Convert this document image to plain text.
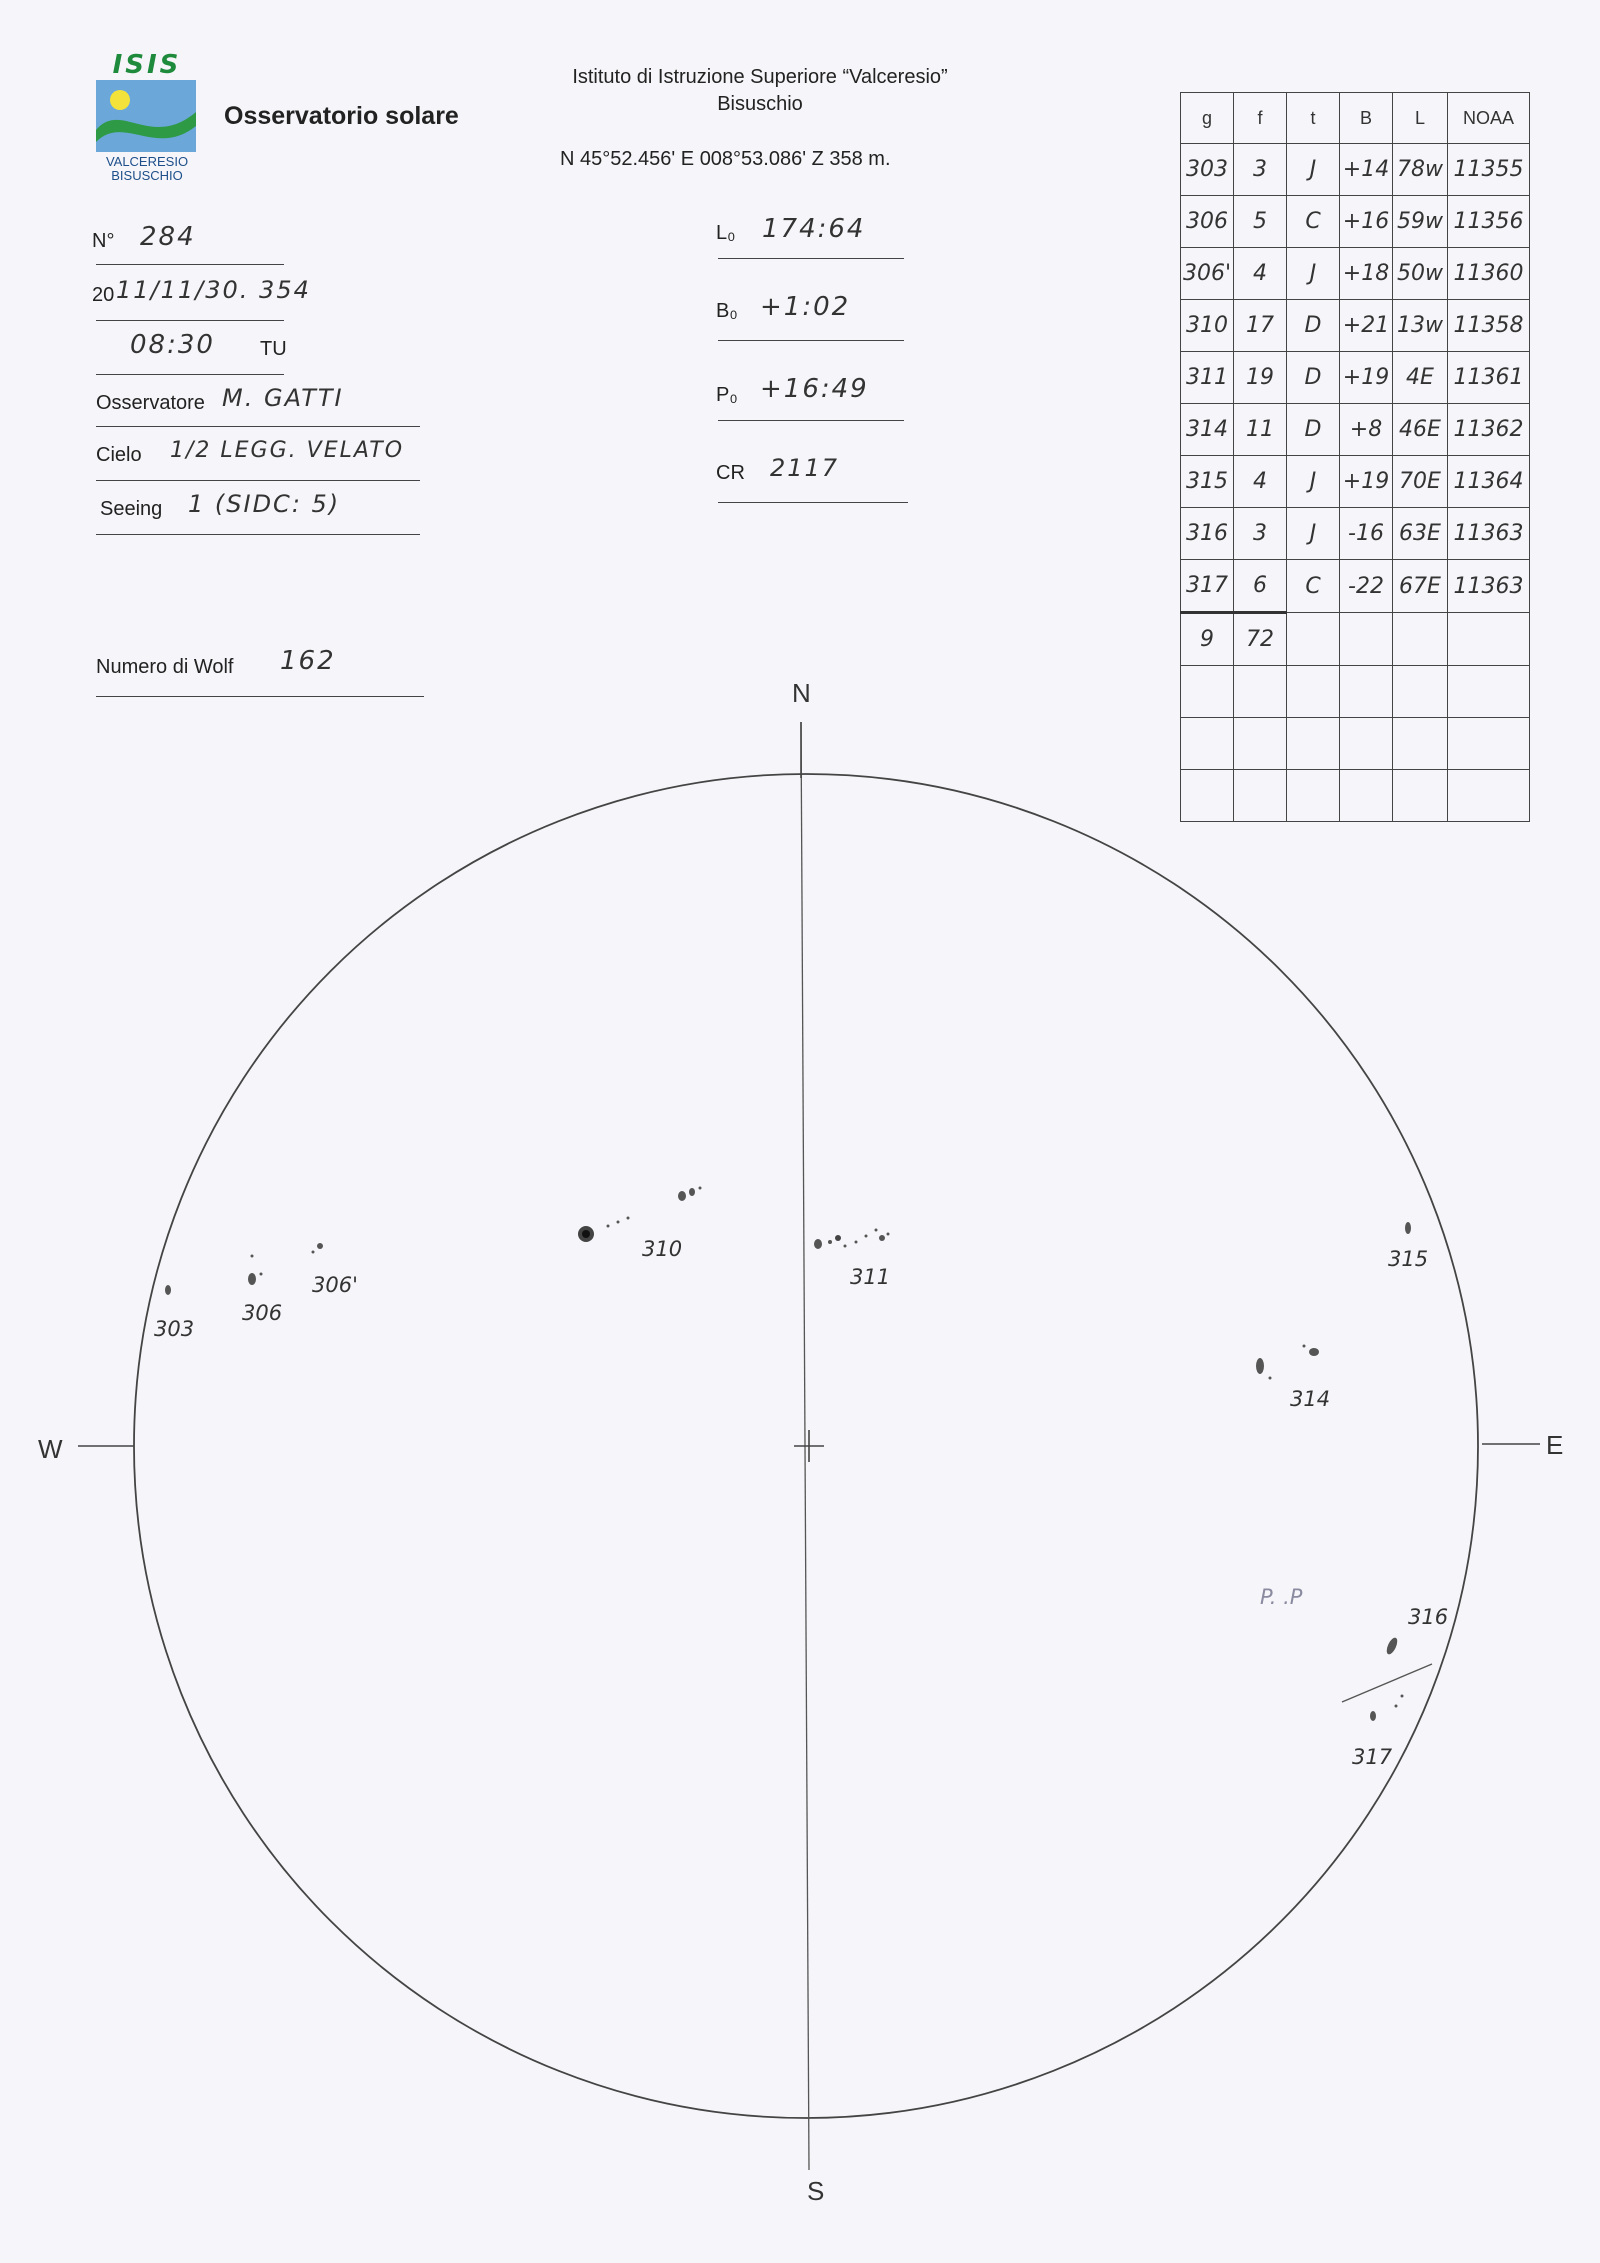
ISIS
VALCERESIO
BISUSCHIO
Osservatorio solare
Istituto di Istruzione Superiore “Valceresio”
Bisuschio
N 45°52.456' E 008°53.086' Z 358 m.
N° 284
20 11/11/30. 354
08:30 TU
Osservatore M. GATTI
Cielo 1/2 LEGG. VELATO
Seeing 1 (SIDC: 5)
Numero di Wolf 162
L₀ 174:64
B₀ +1:02
P₀ +16:49
CR 2117
g	f	t	B	L	NOAA
303	3	J	+14	78w	11355
306	5	C	+16	59w	11356
306'	4	J	+18	50w	11360
310	17	D	+21	13w	11358
311	19	D	+19	4E	11361
314	11	D	+8	46E	11362
315	4	J	+19	70E	11364
316	3	J	-16	63E	11363
317	6	C	-22	67E	11363
9	72				

N
S
W	E
303
306
306'
310
311
314
315
316
317
P. .P
